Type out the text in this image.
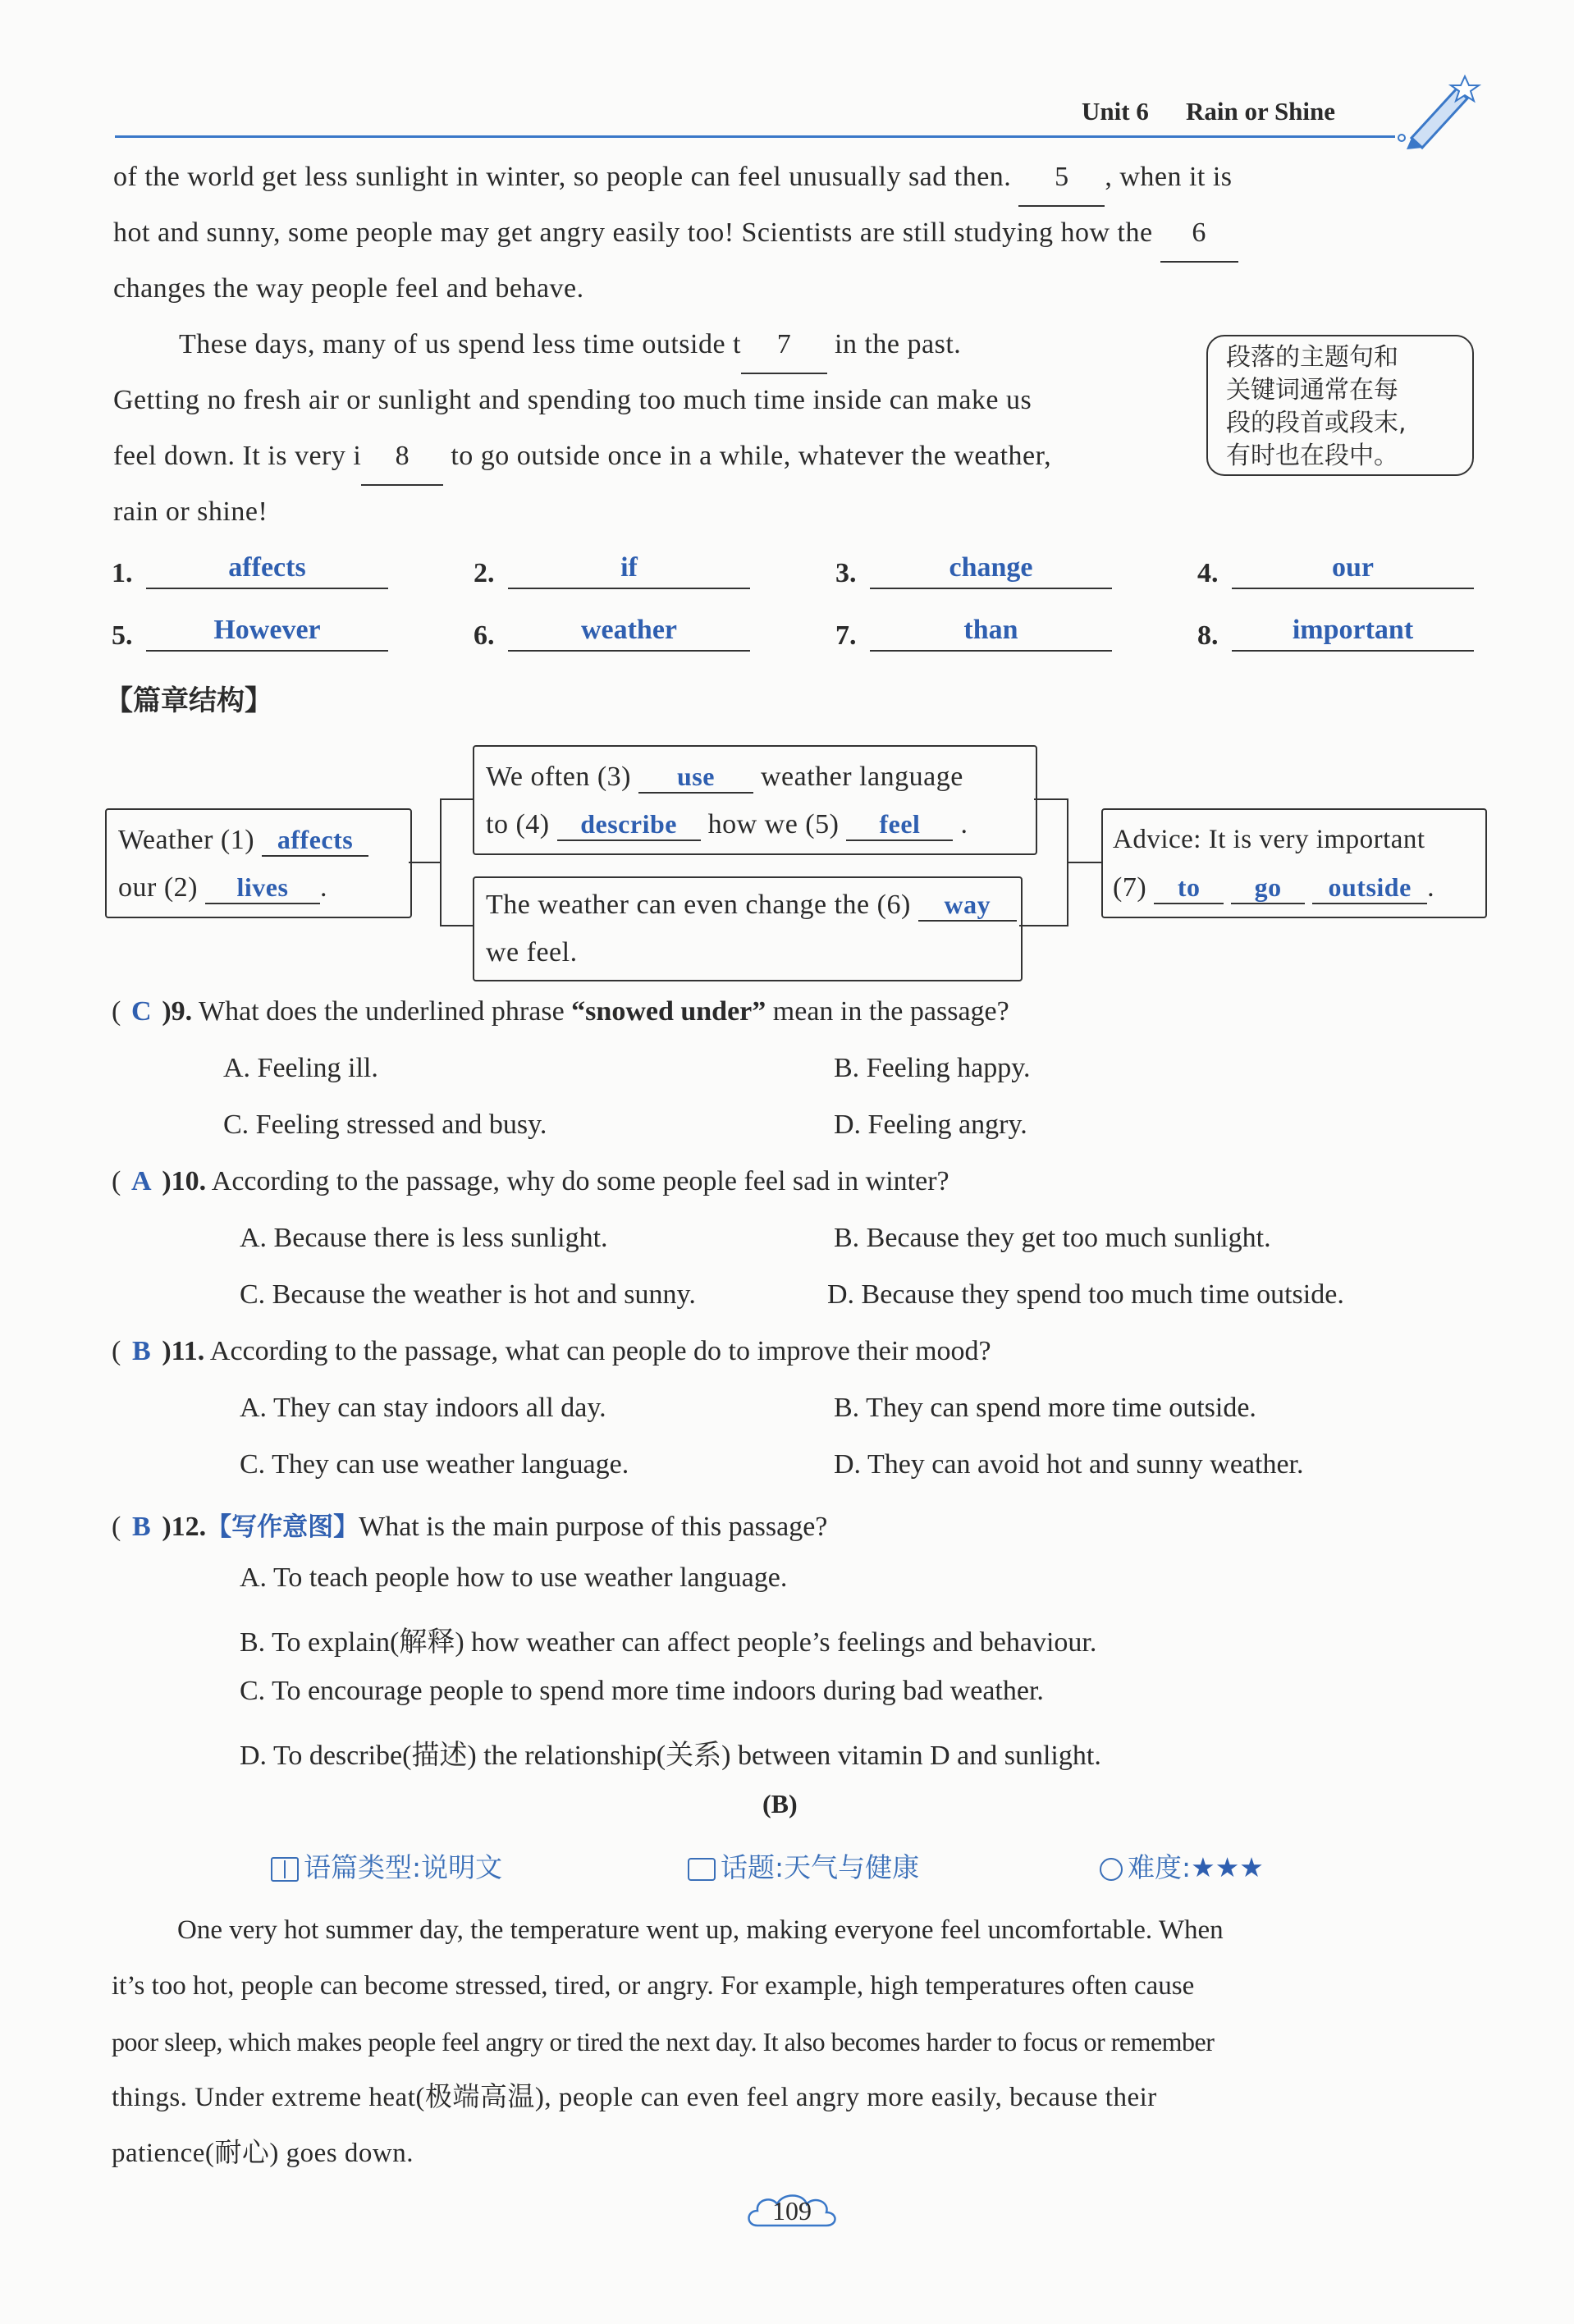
Unit 6 Rain or Shine
of the world get less sunlight in winter, so people can feel unusually sad then. 5 , when it is
hot and sunny, some people may get angry easily too! Scientists are still studying how the 6
changes the way people feel and behave.
These days, many of us spend less time outside t 7 in the past.
Getting no fresh air or sunlight and spending too much time inside can make us
feel down. It is very i 8 to go outside once in a while, whatever the weather,
rain or shine!
段落的主题句和
关键词通常在每
段的段首或段末,
有时也在段中。
1.	affects	2.	if	3.	change	4.	our
5.	However	6.	weather	7.	than	8.	important
【篇章结构】
Weather (1) affects
our (2) lives .
We often (3) use weather language
to (4) describe how we (5) feel .
The weather can even change the (6) way
we feel.
Advice: It is very important
(7) to go outside .
( C )9. What does the underlined phrase “snowed under” mean in the passage?
A. Feeling ill.	B. Feeling happy.
C. Feeling stressed and busy.	D. Feeling angry.
( A )10. According to the passage, why do some people feel sad in winter?
A. Because there is less sunlight.	B. Because they get too much sunlight.
C. Because the weather is hot and sunny.	D. Because they spend too much time outside.
( B )11. According to the passage, what can people do to improve their mood?
A. They can stay indoors all day.	B. They can spend more time outside.
C. They can use weather language.	D. They can avoid hot and sunny weather.
( B )12.【写作意图】What is the main purpose of this passage?
A. To teach people how to use weather language.
B. To explain(解释) how weather can affect people’s feelings and behaviour.
C. To encourage people to spend more time indoors during bad weather.
D. To describe(描述) the relationship(关系) between vitamin D and sunlight.
(B)
语篇类型:说明文	话题:天气与健康	难度:★★★
One very hot summer day, the temperature went up, making everyone feel uncomfortable. When
it’s too hot, people can become stressed, tired, or angry. For example, high temperatures often cause
poor sleep, which makes people feel angry or tired the next day. It also becomes harder to focus or remember
things. Under extreme heat(极端高温), people can even feel angry more easily, because their
patience(耐心) goes down.
109
